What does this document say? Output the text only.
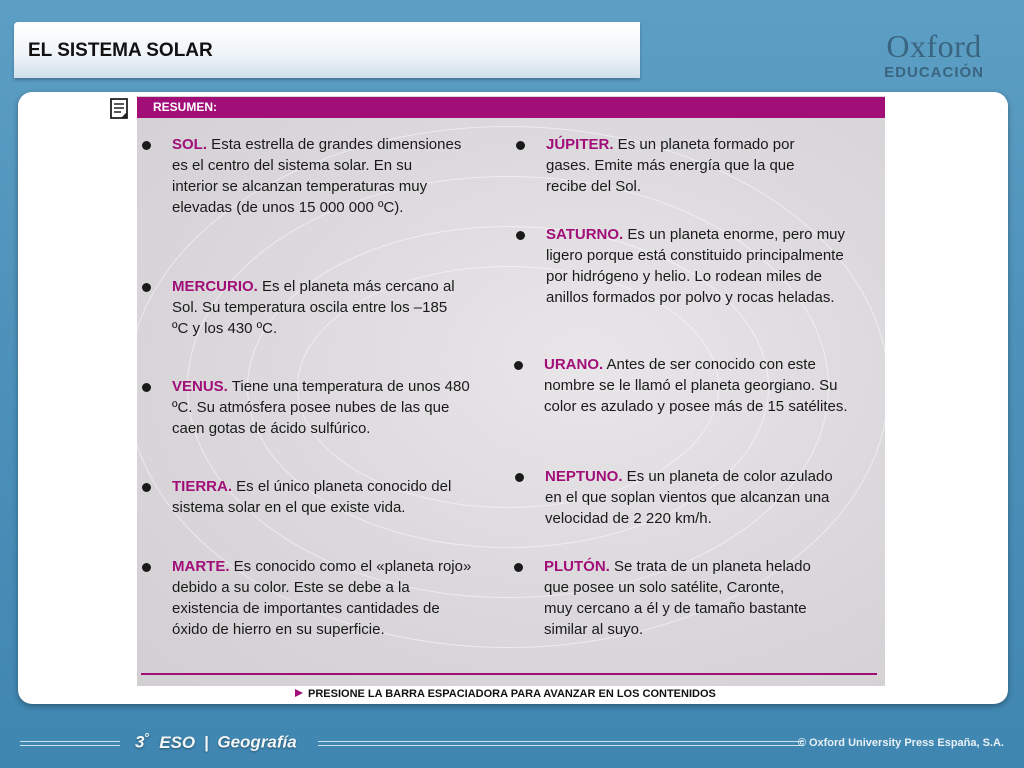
EL SISTEMA SOLAR	Oxford
EDUCACIÓN
RESUMEN:
SOL. Esta estrella de grandes dimensiones es el centro del sistema solar. En su interior se alcanzan temperaturas muy elevadas (de unos 15 000 000 ºC).
MERCURIO. Es el planeta más cercano al Sol. Su temperatura oscila entre los –185 ºC y los 430 ºC.
VENUS. Tiene una temperatura de unos 480 ºC. Su atmósfera posee nubes de las que caen gotas de ácido sulfúrico.
TIERRA. Es el único planeta conocido del sistema solar en el que existe vida.
MARTE. Es conocido como el «planeta rojo» debido a su color. Este se debe a la existencia de importantes cantidades de óxido de hierro en su superficie.
JÚPITER. Es un planeta formado por gases. Emite más energía que la que recibe del Sol.
SATURNO. Es un planeta enorme, pero muy ligero porque está constituido principalmente por hidrógeno y helio. Lo rodean miles de anillos formados por polvo y rocas heladas.
URANO. Antes de ser conocido con este nombre se le llamó el planeta georgiano. Su color es azulado y posee más de 15 satélites.
NEPTUNO. Es un planeta de color azulado en el que soplan vientos que alcanzan una velocidad de 2 220 km/h.
PLUTÓN. Se trata de un planeta helado que posee un solo satélite, Caronte, muy cercano a él y de tamaño bastante similar al suyo.
PRESIONE LA BARRA ESPACIADORA PARA AVANZAR EN LOS CONTENIDOS
$3^º$ ESO | Geografía	© Oxford University Press España, S.A.
